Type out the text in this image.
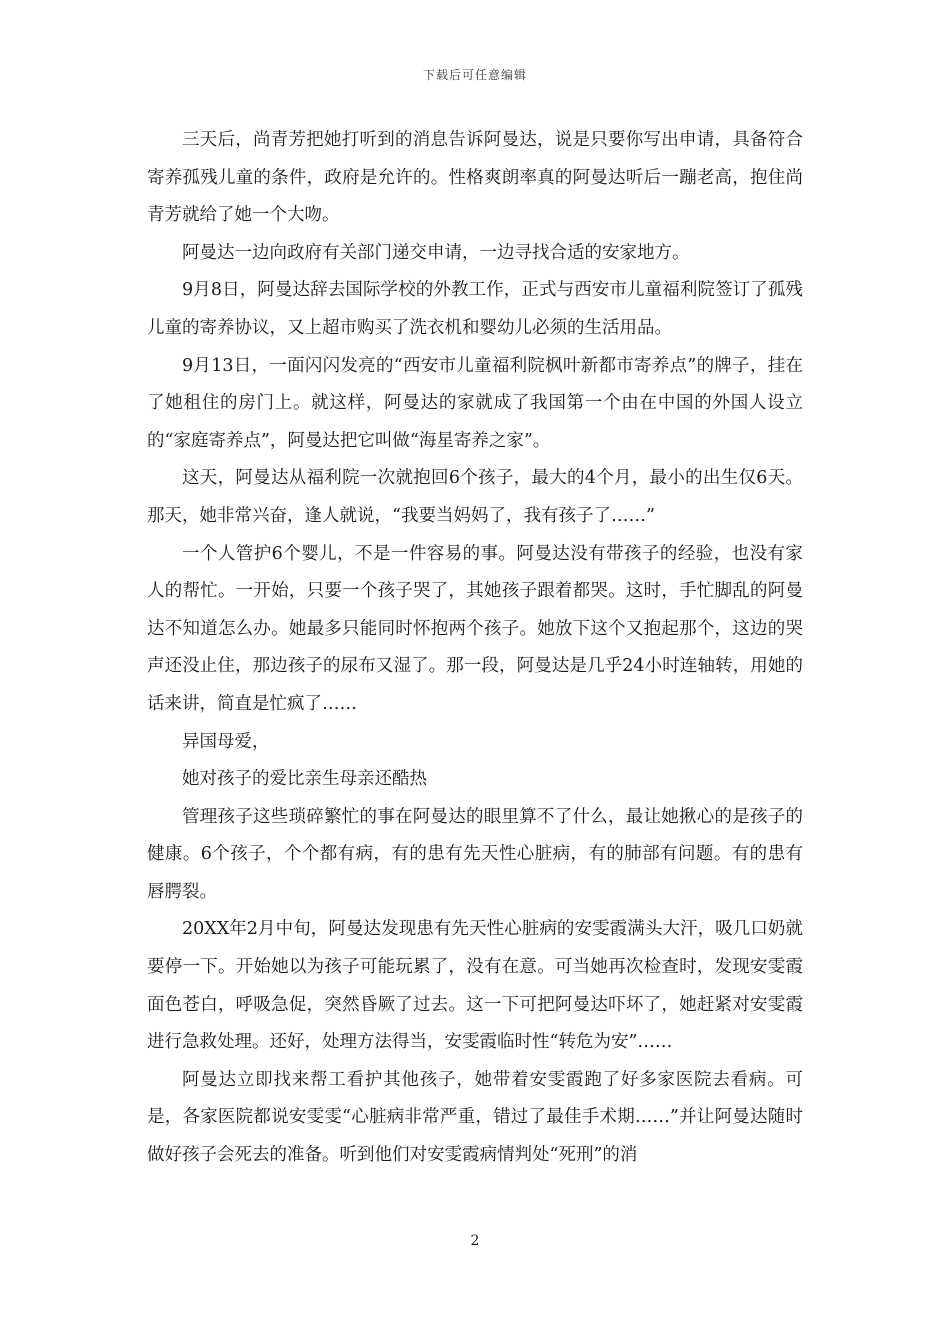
下载后可任意编辑

三天后，尚青芳把她打听到的消息告诉阿曼达，说是只要你写出申请，具备符合寄养孤残儿童的条件，政府是允许的。性格爽朗率真的阿曼达听后一蹦老高，抱住尚青芳就给了她一个大吻。

阿曼达一边向政府有关部门递交申请，一边寻找合适的安家地方。

9月8日，阿曼达辞去国际学校的外教工作，正式与西安市儿童福利院签订了孤残儿童的寄养协议，又上超市购买了洗衣机和婴幼儿必须的生活用品。

9月13日，一面闪闪发亮的“西安市儿童福利院枫叶新都市寄养点”的牌子，挂在了她租住的房门上。就这样，阿曼达的家就成了我国第一个由在中国的外国人设立的“家庭寄养点”，阿曼达把它叫做“海星寄养之家”。

这天，阿曼达从福利院一次就抱回6个孩子，最大的4个月，最小的出生仅6天。那天，她非常兴奋，逢人就说，“我要当妈妈了，我有孩子了……”

一个人管护6个婴儿，不是一件容易的事。阿曼达没有带孩子的经验，也没有家人的帮忙。一开始，只要一个孩子哭了，其她孩子跟着都哭。这时，手忙脚乱的阿曼达不知道怎么办。她最多只能同时怀抱两个孩子。她放下这个又抱起那个，这边的哭声还没止住，那边孩子的尿布又湿了。那一段，阿曼达是几乎24小时连轴转，用她的话来讲，简直是忙疯了……

异国母爱，

她对孩子的爱比亲生母亲还酷热

管理孩子这些琐碎繁忙的事在阿曼达的眼里算不了什么，最让她揪心的是孩子的健康。6个孩子，个个都有病，有的患有先天性心脏病，有的肺部有问题。有的患有唇腭裂。

20XX年2月中旬，阿曼达发现患有先天性心脏病的安雯霞满头大汗，吸几口奶就要停一下。开始她以为孩子可能玩累了，没有在意。可当她再次检查时，发现安雯霞面色苍白，呼吸急促，突然昏厥了过去。这一下可把阿曼达吓坏了，她赶紧对安雯霞进行急救处理。还好，处理方法得当，安雯霞临时性“转危为安”……

阿曼达立即找来帮工看护其他孩子，她带着安雯霞跑了好多家医院去看病。可是，各家医院都说安雯雯“心脏病非常严重，错过了最佳手术期……”并让阿曼达随时做好孩子会死去的准备。听到他们对安雯霞病情判处“死刑”的消

2
